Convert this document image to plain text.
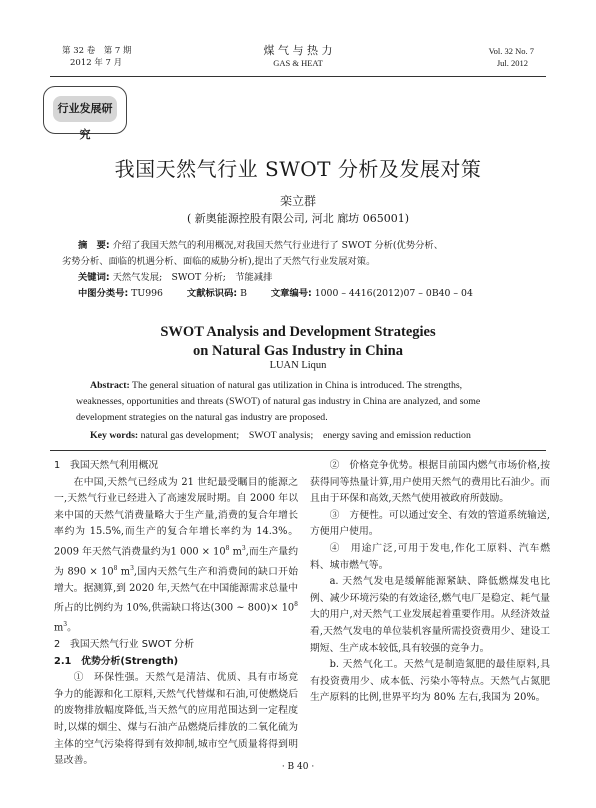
第 32 卷　第 7 期
2012 年 7 月
煤 气 与 热 力
GAS & HEAT
Vol. 32 No. 7
Jul. 2012
行业发展研究
我国天然气行业 SWOT 分析及发展对策
栾立群
( 新奥能源控股有限公司, 河北 廊坊 065001)
摘　要: 介绍了我国天然气的利用概况,对我国天然气行业进行了 SWOT 分析(优势分析、
劣势分析、面临的机遇分析、面临的威胁分析),提出了天然气行业发展对策。
关键词: 天然气发展;　SWOT 分析;　节能减排
中图分类号: TU996	文献标识码: B	文章编号: 1000 – 4416(2012)07 – 0B40 – 04
SWOT Analysis and Development Strategies
on Natural Gas Industry in China
LUAN Liqun
Abstract: The general situation of natural gas utilization in China is introduced. The strengths,
weaknesses, opportunities and threats (SWOT) of natural gas industry in China are analyzed, and some
development strategies on the natural gas industry are proposed.
Key words: natural gas development;　SWOT analysis;　energy saving and emission reduction
1　我国天然气利用概况
在中国,天然气已经成为 21 世纪最受瞩目的能源之一,天然气行业已经进入了高速发展时期。自 2000 年以来中国的天然气消费量略大于生产量,消费的复合年增长率约为 15.5%,而生产的复合年增长率约为 14.3%。2009 年天然气消费量约为1 $000 \times 10^8$ $m^3$,而生产量约为 $890 \times 10^8$ $m^3$,国内天然气生产和消费间的缺口开始增大。据测算,到 2020 年,天然气在中国能源需求总量中所占的比例约为 10%,供需缺口将达(300 ~ $800)\times 10^8$ $m^3$。
2　我国天然气行业 SWOT 分析
2.1　优势分析(Strength)
①　环保性强。天然气是清洁、优质、具有市场竞争力的能源和化工原料,天然气代替煤和石油,可使燃烧后的废物排放幅度降低,当天然气的应用范围达到一定程度时,以煤的烟尘、煤与石油产品燃烧后排放的二氧化硫为主体的空气污染将得到有效抑制,城市空气质量将得到明显改善。
②　价格竞争优势。根据目前国内燃气市场价格,按获得同等热量计算,用户使用天然气的费用比石油少。而且由于环保和高效,天然气使用被政府所鼓励。
③　方便性。可以通过安全、有效的管道系统输送,方便用户使用。
④　用途广泛,可用于发电,作化工原料、汽车燃料、城市燃气等。
a. 天然气发电是缓解能源紧缺、降低燃煤发电比例、减少环境污染的有效途径,燃气电厂是稳定、耗气量大的用户,对天然气工业发展起着重要作用。从经济效益看,天然气发电的单位装机容量所需投资费用少、建设工期短、生产成本较低,具有较强的竞争力。
b. 天然气化工。天然气是制造氮肥的最佳原料,具有投资费用少、成本低、污染小等特点。天然气占氮肥生产原料的比例,世界平均为 80% 左右,我国为 20%。
· B 40 ·
